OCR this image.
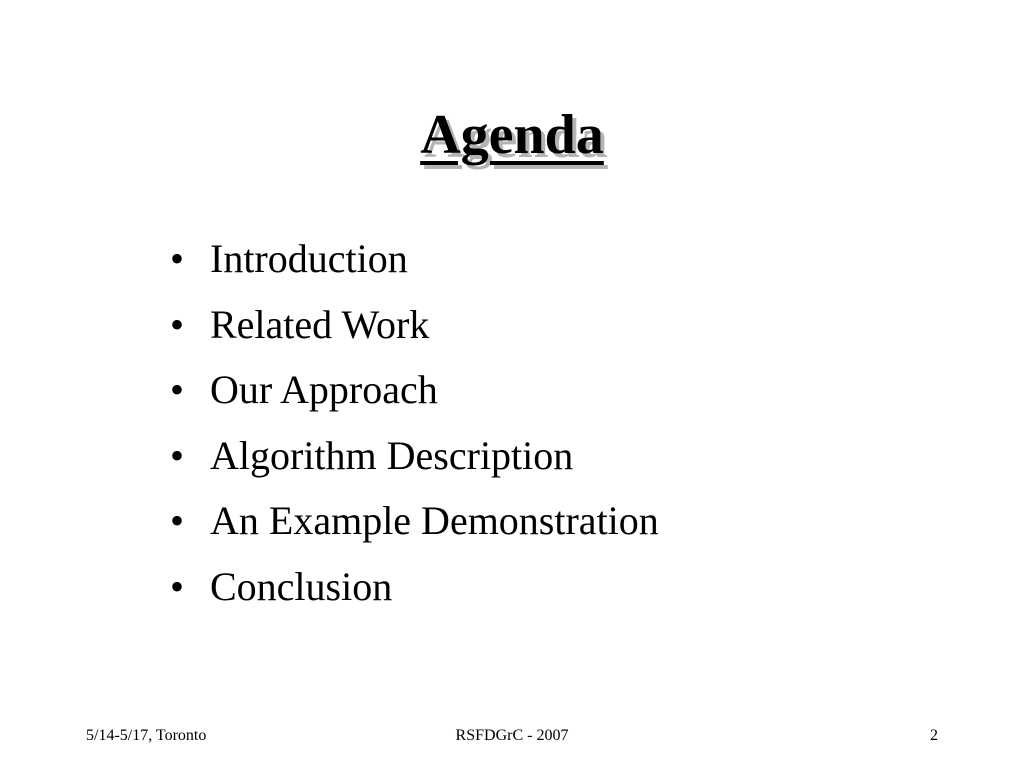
Agenda
• Introduction
• Related Work
• Our Approach
• Algorithm Description
• An Example Demonstration
• Conclusion
5/14-5/17, Toronto	RSFDGrC - 2007	2
